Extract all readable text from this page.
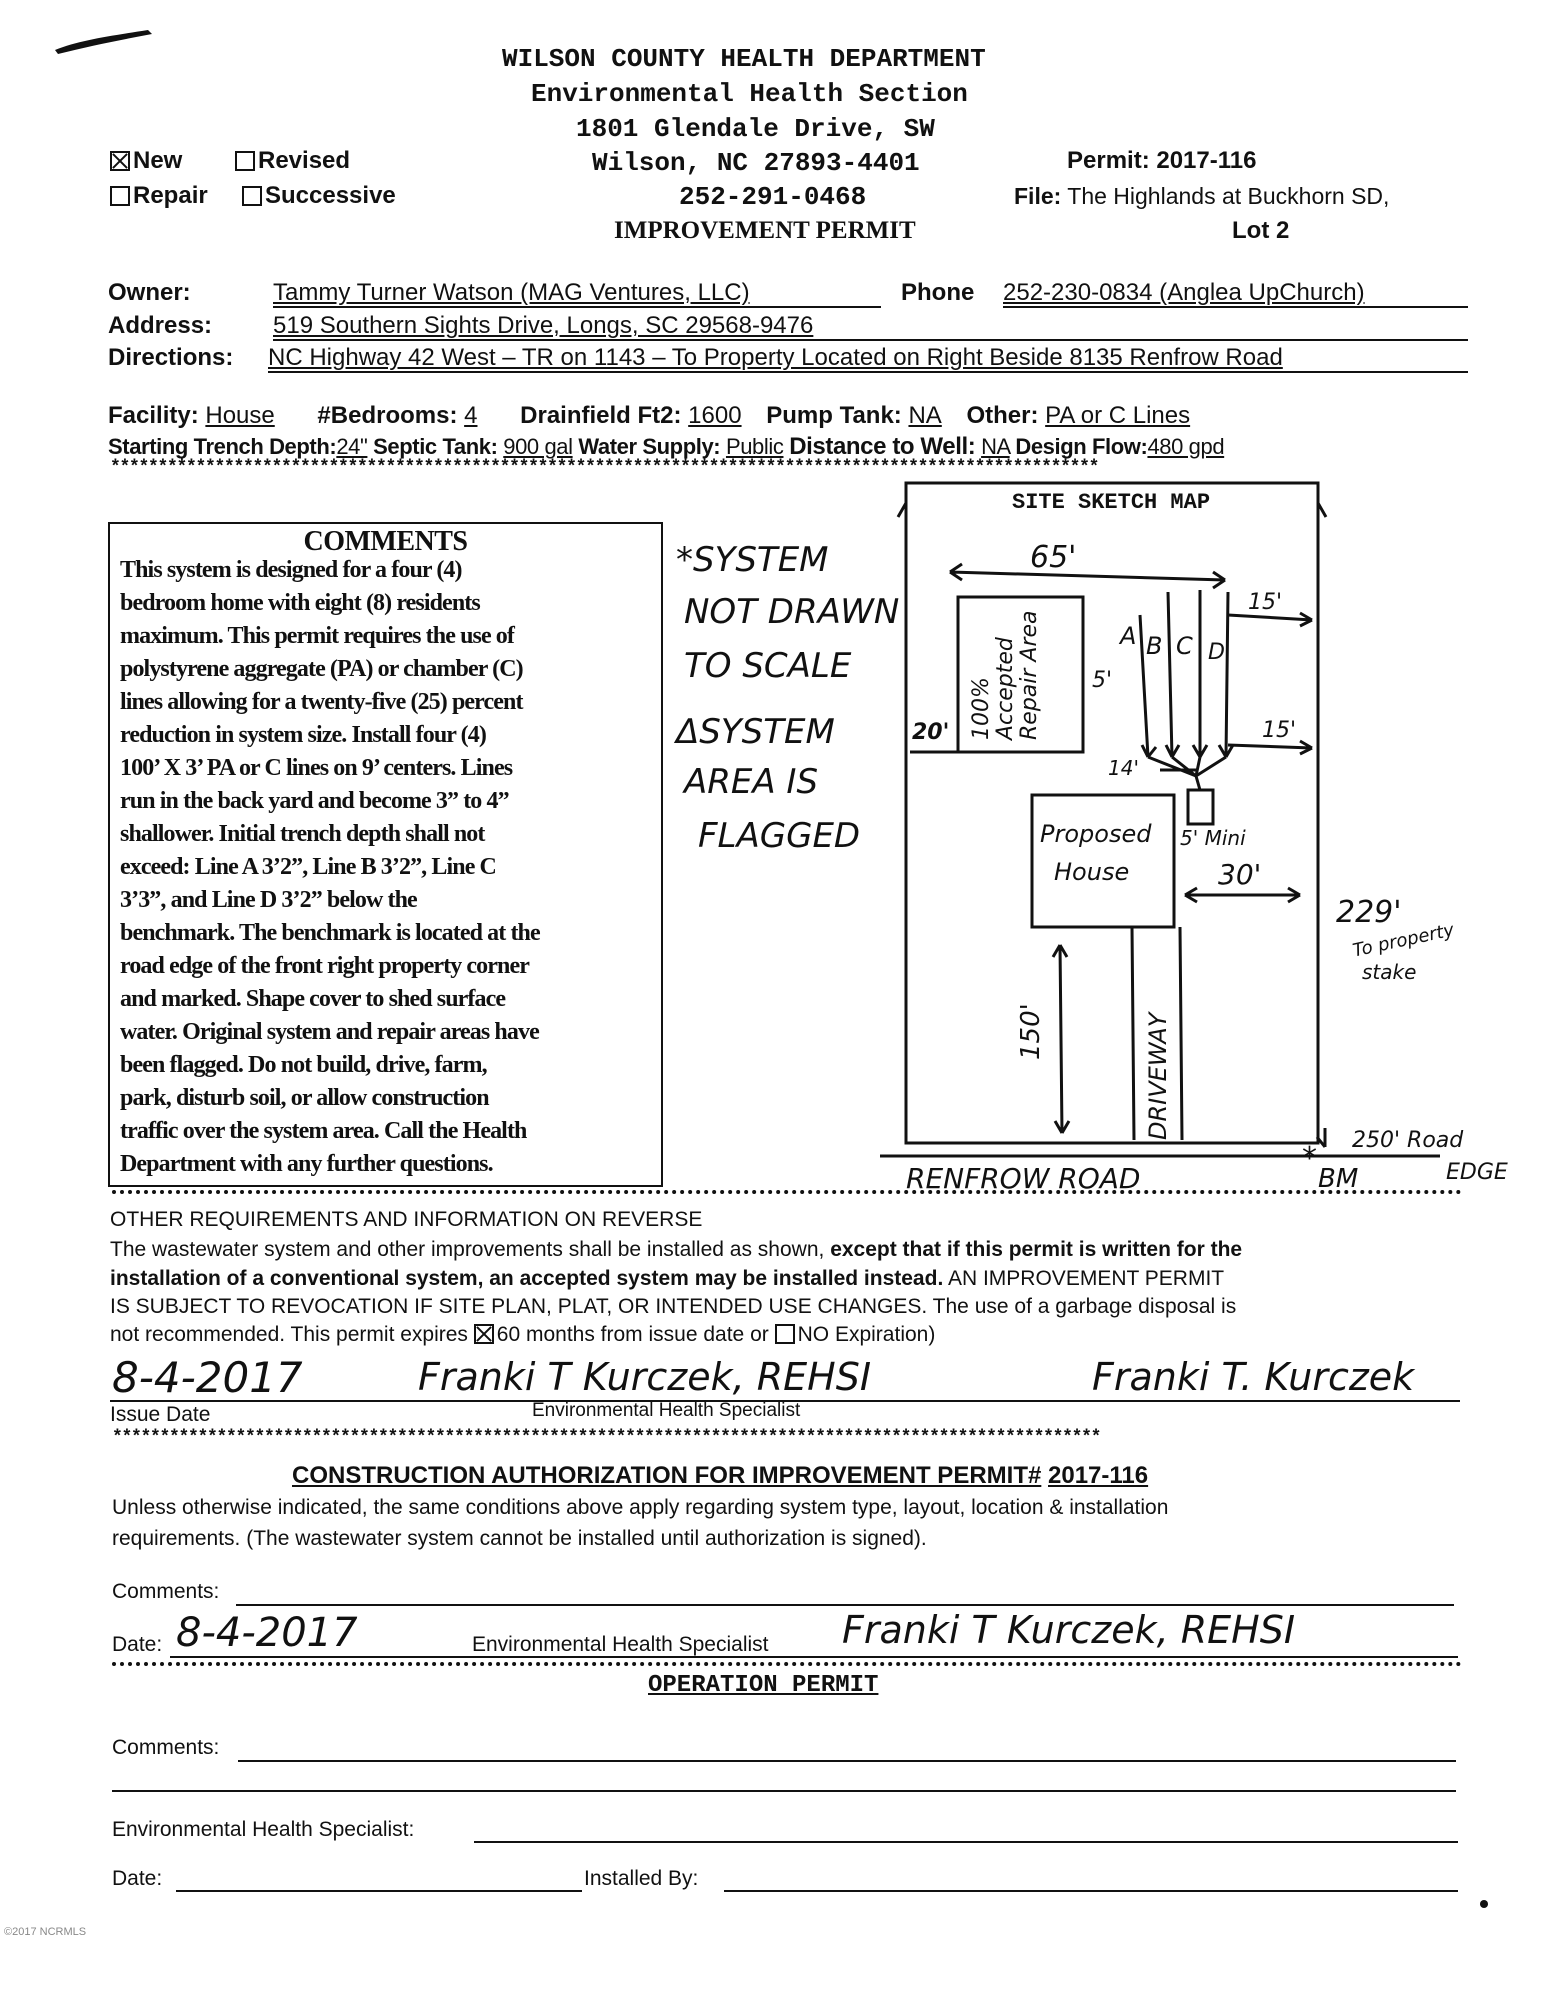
WILSON COUNTY HEALTH DEPARTMENT
Environmental Health Section
1801 Glendale Drive, SW
Wilson, NC 27893-4401
252-291-0468
IMPROVEMENT PERMIT
Permit: 2017-116
File: The Highlands at Buckhorn SD,
Lot 2
New	Revised
Repair	Successive
Owner:	Tammy Turner Watson (MAG Ventures, LLC)	Phone 252-230-0834 (Anglea UpChurch)
Address:	519 Southern Sights Drive, Longs, SC 29568-9476
Directions: NC Highway 42 West – TR on 1143 – To Property Located on Right Beside 8135 Renfrow Road
Facility: House #Bedrooms: 4 Drainfield Ft2: 1600 Pump Tank: NA Other: PA or C Lines
Starting Trench Depth:24" Septic Tank: 900 gal Water Supply: Public Distance to Well: NA Design Flow:480 gpd
********************************************************************************************************
COMMENTS
This system is designed for a four (4)
bedroom home with eight (8) residents
maximum. This permit requires the use of
polystyrene aggregate (PA) or chamber (C)
lines allowing for a twenty-five (25) percent
reduction in system size. Install four (4)
100’ X 3’ PA or C lines on 9’ centers. Lines
run in the back yard and become 3” to 4”
shallower. Initial trench depth shall not
exceed: Line A 3’2”, Line B 3’2”, Line C
3’3”, and Line D 3’2” below the
benchmark. The benchmark is located at the
road edge of the front right property corner
and marked. Shape cover to shed surface
water. Original system and repair areas have
been flagged. Do not build, drive, farm,
park, disturb soil, or allow construction
traffic over the system area. Call the Health
Department with any further questions.
*SYSTEM
NOT DRAWN
TO SCALE
ΔSYSTEM
AREA IS
FLAGGED
*
SITE SKETCH MAP
65'
15'
15'
5'
20'
14'
5' Mini
30'
150'
100% Accepted Repair Area	A B C D
Proposed
House
DRIVEWAY
229'
To property
stake
RENFROW ROAD	BM
250' Road
EDGE
OTHER REQUIREMENTS AND INFORMATION ON REVERSE
The wastewater system and other improvements shall be installed as shown, except that if this permit is written for the
installation of a conventional system, an accepted system may be installed instead. AN IMPROVEMENT PERMIT
IS SUBJECT TO REVOCATION IF SITE PLAN, PLAT, OR INTENDED USE CHANGES. The use of a garbage disposal is
not recommended. This permit expires 60 months from issue date or NO Expiration)
8-4-2017	Franki T Kurczek, REHSI	Franki T. Kurczek
Issue Date	Environmental Health Specialist
********************************************************************************************************
CONSTRUCTION AUTHORIZATION FOR IMPROVEMENT PERMIT# 2017-116
Unless otherwise indicated, the same conditions above apply regarding system type, layout, location & installation
requirements. (The wastewater system cannot be installed until authorization is signed).
Comments:
Date: 8-4-2017	Environmental Health Specialist Franki T Kurczek, REHSI
OPERATION PERMIT
Comments:
Environmental Health Specialist:
Date:	Installed By:
©2017 NCRMLS
